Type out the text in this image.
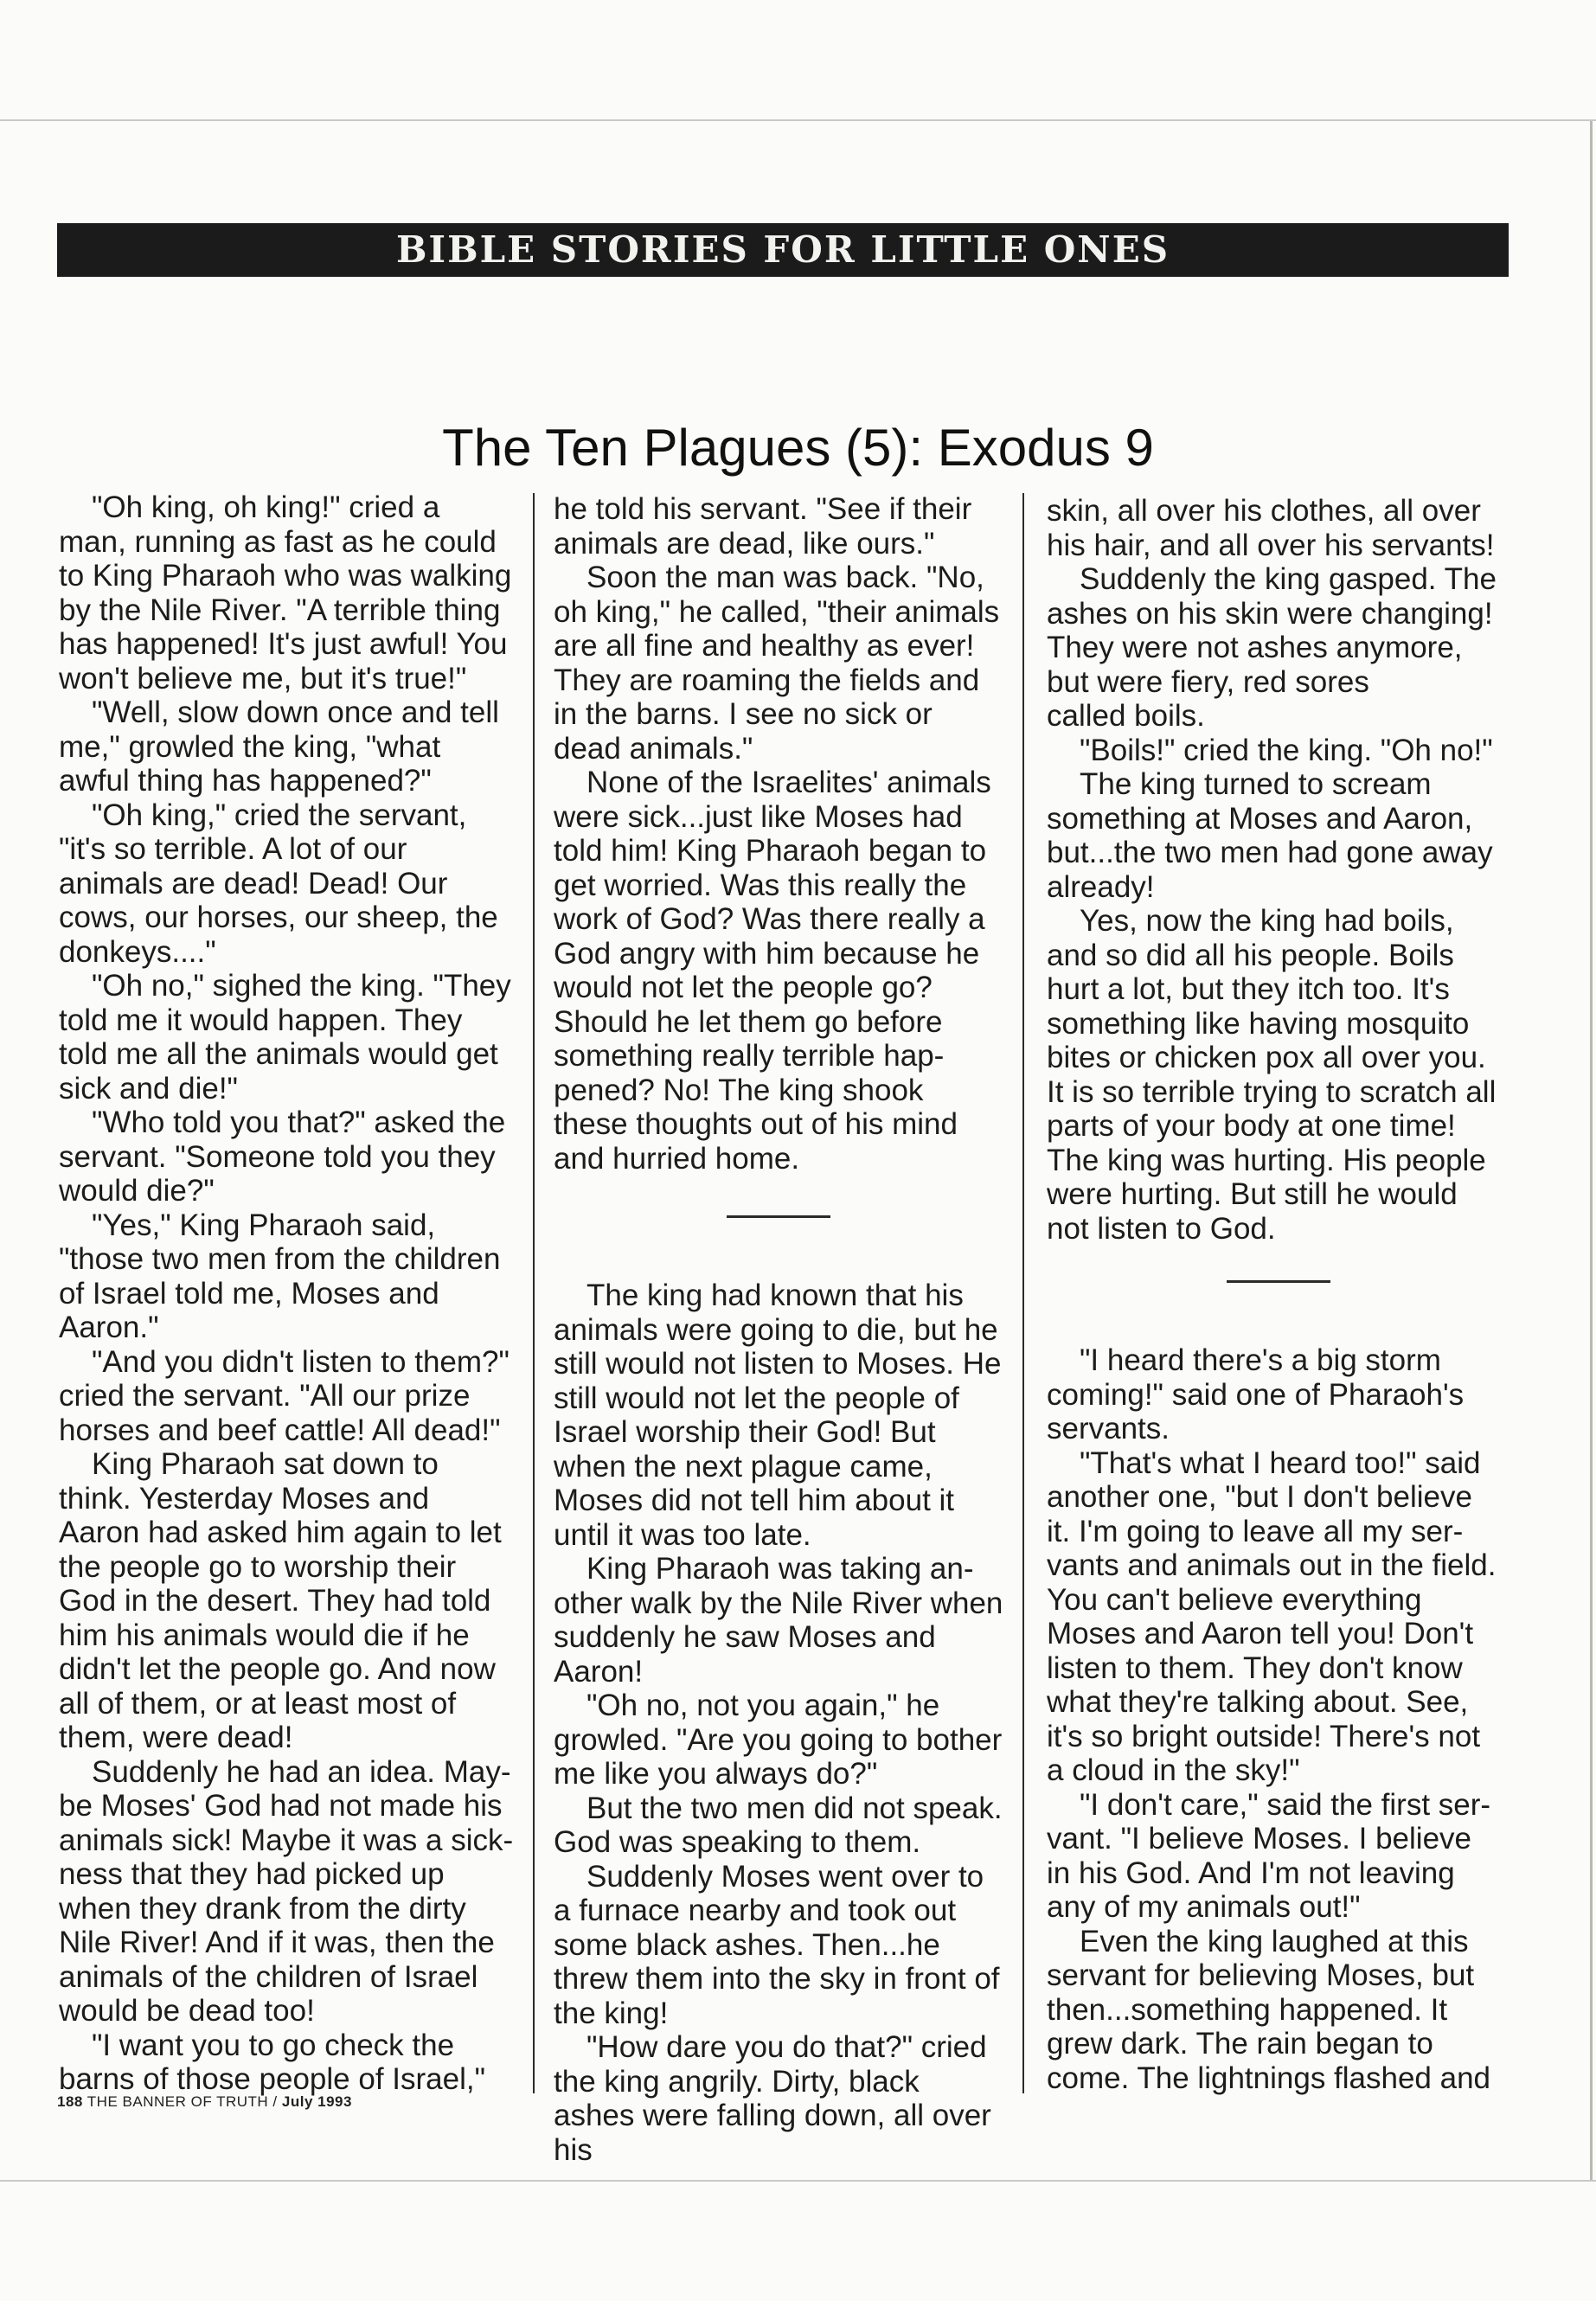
BIBLE STORIES FOR LITTLE ONES
The Ten Plagues (5): Exodus 9

"Oh king, oh king!" cried a man, running as fast as he could to King Pharaoh who was walking by the Nile River. "A terrible thing has happened! It's just awful! You won't believe me, but it's true!"

"Well, slow down once and tell me," growled the king, "what awful thing has happened?"

"Oh king," cried the servant, "it's so terrible. A lot of our animals are dead! Dead! Our cows, our horses, our sheep, the donkeys...."

"Oh no," sighed the king. "They told me it would happen. They told me all the animals would get sick and die!"

"Who told you that?" asked the servant. "Someone told you they would die?"

"Yes," King Pharaoh said, "those two men from the children of Israel told me, Moses and Aaron."

"And you didn't listen to them?" cried the servant. "All our prize horses and beef cattle! All dead!"

King Pharaoh sat down to think. Yesterday Moses and Aaron had asked him again to let the people go to worship their God in the desert. They had told him his animals would die if he didn't let the people go. And now all of them, or at least most of them, were dead!

Suddenly he had an idea. Maybe Moses' God had not made his animals sick! Maybe it was a sickness that they had picked up when they drank from the dirty Nile River! And if it was, then the animals of the children of Israel would be dead too!

"I want you to go check the barns of those people of Israel,"

he told his servant. "See if their animals are dead, like ours."

Soon the man was back. "No, oh king," he called, "their animals are all fine and healthy as ever! They are roaming the fields and in the barns. I see no sick or dead animals."

None of the Israelites' animals were sick...just like Moses had told him! King Pharaoh began to get worried. Was this really the work of God? Was there really a God angry with him because he would not let the people go? Should he let them go before something really terrible happened? No! The king shook these thoughts out of his mind and hurried home.

The king had known that his animals were going to die, but he still would not listen to Moses. He still would not let the people of Israel worship their God! But when the next plague came, Moses did not tell him about it until it was too late.

King Pharaoh was taking another walk by the Nile River when suddenly he saw Moses and Aaron!

"Oh no, not you again," he growled. "Are you going to bother me like you always do?"

But the two men did not speak. God was speaking to them.

Suddenly Moses went over to a furnace nearby and took out some black ashes. Then...he threw them into the sky in front of the king!

"How dare you do that?" cried the king angrily. Dirty, black ashes were falling down, all over his

skin, all over his clothes, all over his hair, and all over his servants!

Suddenly the king gasped. The ashes on his skin were changing! They were not ashes anymore, but were fiery, red sores
called boils.

"Boils!" cried the king. "Oh no!"

The king turned to scream something at Moses and Aaron, but...the two men had gone away already!

Yes, now the king had boils, and so did all his people. Boils hurt a lot, but they itch too. It's something like having mosquito bites or chicken pox all over you. It is so terrible trying to scratch all parts of your body at one time! The king was hurting. His people were hurting. But still he would not listen to God.

"I heard there's a big storm coming!" said one of Pharaoh's servants.

"That's what I heard too!" said another one, "but I don't believe it. I'm going to leave all my servants and animals out in the field. You can't believe everything Moses and Aaron tell you! Don't listen to them. They don't know what they're talking about. See, it's so bright outside! There's not a cloud in the sky!"

"I don't care," said the first servant. "I believe Moses. I believe in his God. And I'm not leaving any of my animals out!"

Even the king laughed at this servant for believing Moses, but then...something happened. It grew dark. The rain began to come. The lightnings flashed and

188 THE BANNER OF TRUTH / July 1993
